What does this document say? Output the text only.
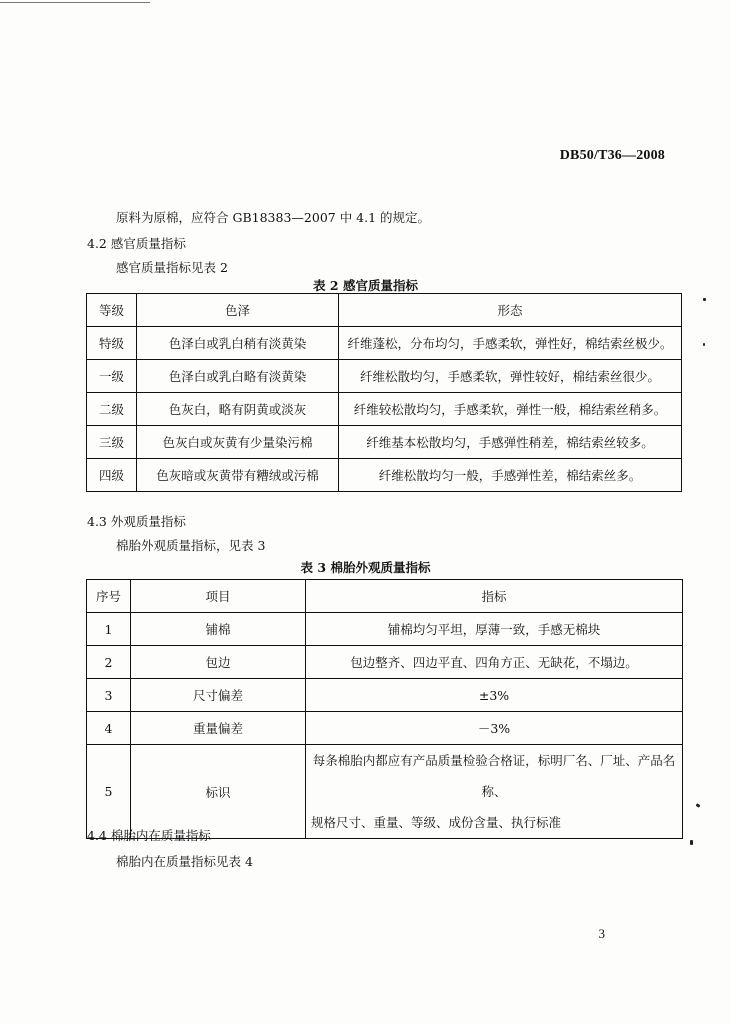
DB50/T36—2008
原料为原棉，应符合 GB18383—2007 中 4.1 的规定。
4.2 感官质量指标
感官质量指标见表 2
表 2 感官质量指标
等级	色泽	形态
特级	色泽白或乳白稍有淡黄染	纤维蓬松，分布均匀，手感柔软，弹性好，棉结索丝极少。
一级	色泽白或乳白略有淡黄染	纤维松散均匀，手感柔软，弹性较好，棉结索丝很少。
二级	色灰白，略有阴黄或淡灰	纤维较松散均匀，手感柔软，弹性一般，棉结索丝稍多。
三级	色灰白或灰黄有少量染污棉	纤维基本松散均匀，手感弹性稍差，棉结索丝较多。
四级	色灰暗或灰黄带有糟绒或污棉	纤维松散均匀一般，手感弹性差，棉结索丝多。
4.3 外观质量指标
棉胎外观质量指标，见表 3
表 3 棉胎外观质量指标
序号	项目	指标
1	铺棉	铺棉均匀平坦，厚薄一致，手感无棉块
2	包边	包边整齐、四边平直、四角方正、无缺花，不塌边。
3	尺寸偏差	±3%
4	重量偏差	－3%
5	标识	每条棉胎内都应有产品质量检验合格证，标明厂名、厂址、产品名称、
规格尺寸、重量、等级、成份含量、执行标准
4.4 棉胎内在质量指标
棉胎内在质量指标见表 4
3
